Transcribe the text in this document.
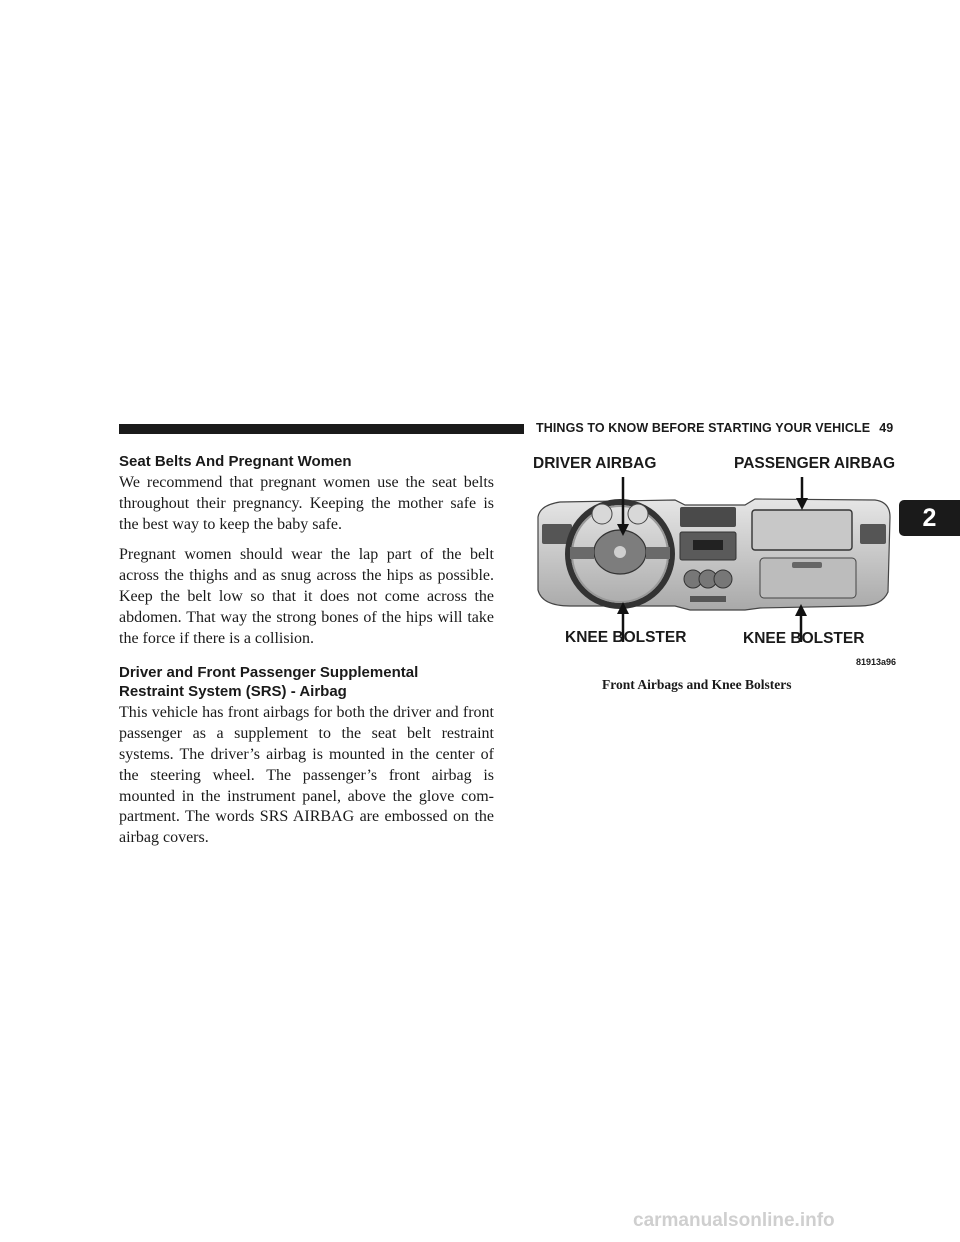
THINGS TO KNOW BEFORE STARTING YOUR VEHICLE 49
2
Seat Belts And Pregnant Women

We recommend that pregnant women use the seat belts throughout their pregnancy. Keeping the mother safe is the best way to keep the baby safe.

Pregnant women should wear the lap part of the belt across the thighs and as snug across the hips as possible. Keep the belt low so that it does not come across the abdomen. That way the strong bones of the hips will take the force if there is a collision.

Driver and Front Passenger Supplemental
Restraint System (SRS) - Airbag

This vehicle has front airbags for both the driver and front passenger as a supplement to the seat belt restraint systems. The driver’s airbag is mounted in the center of the steering wheel. The passenger’s front airbag is mounted in the instrument panel, above the glove com-partment. The words SRS AIRBAG are embossed on the airbag covers.

DRIVER AIRBAG	PASSENGER AIRBAG
KNEE BOLSTER	KNEE BOLSTER
81913a96
Front Airbags and Knee Bolsters
carmanualsonline.info
